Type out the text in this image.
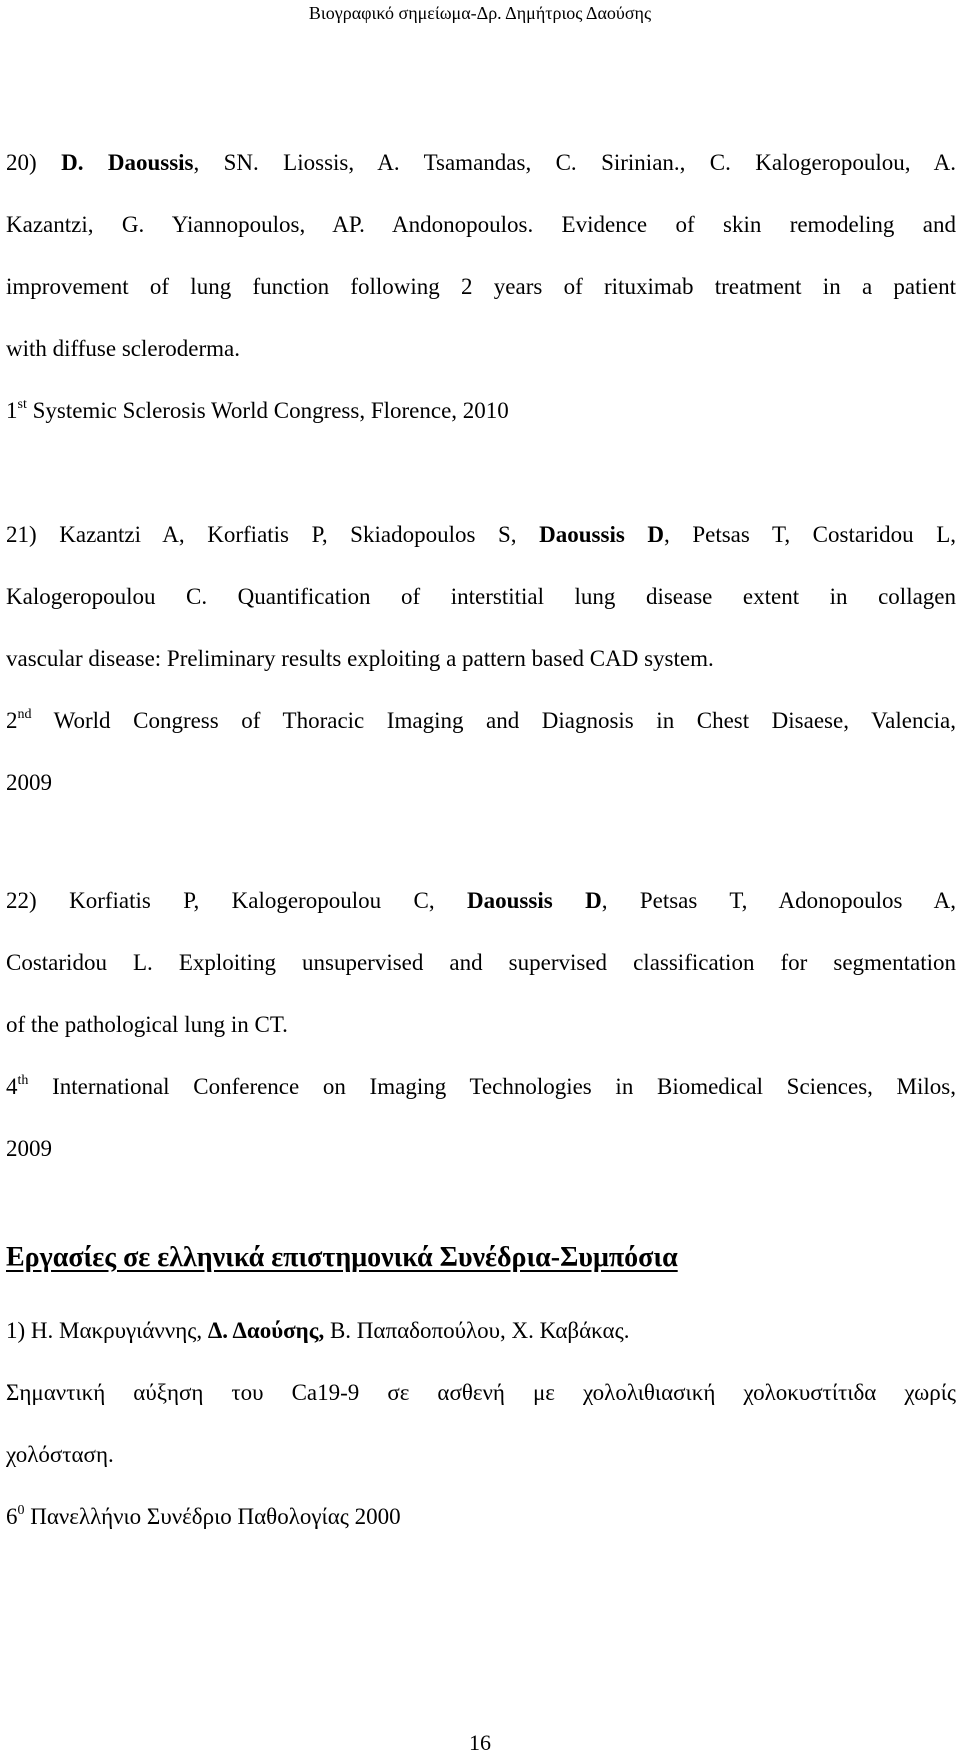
Βιογραφικό σημείωμα-Δρ. Δημήτριος Δαούσης

20) D. Daoussis, SN. Liossis, A. Tsamandas, C. Sirinian., C. Kalogeropoulou, A.

Kazantzi, G. Yiannopoulos, AP. Andonopoulos. Evidence of skin remodeling and

improvement of lung function following 2 years of rituximab treatment in a patient

with diffuse scleroderma.

1st Systemic Sclerosis World Congress, Florence, 2010

21) Kazantzi A, Korfiatis P, Skiadopoulos S, Daoussis D, Petsas T, Costaridou L,

Kalogeropoulou C. Quantification of interstitial lung disease extent in collagen

vascular disease: Preliminary results exploiting a pattern based CAD system.

2nd World Congress of Thoracic Imaging and Diagnosis in Chest Disaese, Valencia,

2009

22) Korfiatis P, Kalogeropoulou C, Daoussis D, Petsas T, Adonopoulos A,

Costaridou L. Exploiting unsupervised and supervised classification for segmentation

of the pathological lung in CT.

4th International Conference on Imaging Technologies in Biomedical Sciences, Milos,

2009

Εργασίες σε ελληνικά επιστημονικά Συνέδρια-Συμπόσια

1) Η. Μακρυγιάννης, Δ. Δαούσης, Β. Παπαδοπούλου, Χ. Καβάκας.

Σημαντική αύξηση του Ca19-9 σε ασθενή με χολολιθιασική χολοκυστίτιδα χωρίς

χολόσταση.

$6^0$ Πανελλήνιο Συνέδριο Παθολογίας 2000

16
